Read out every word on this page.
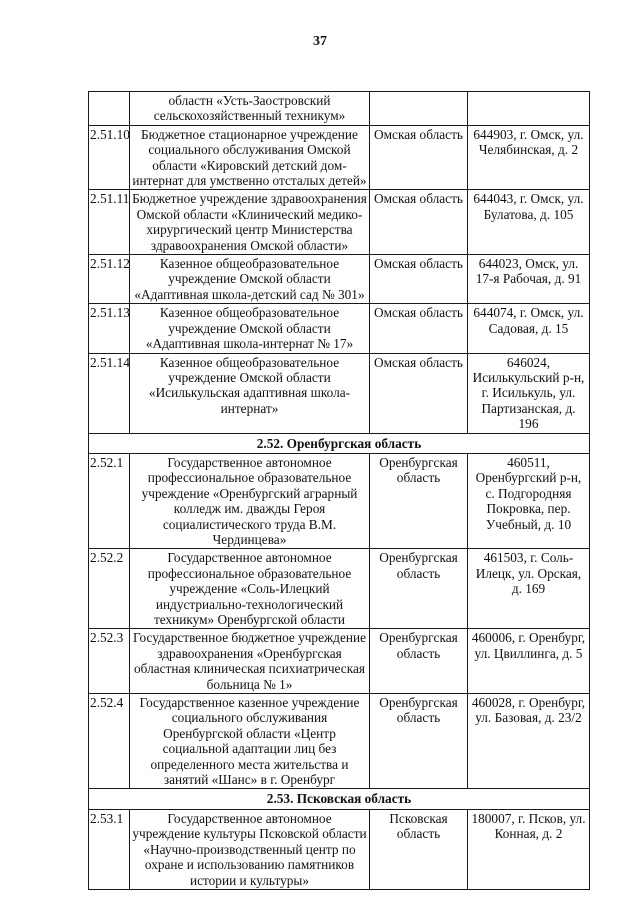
37
	областн «Усть-Заостровский сельскохозяйственный техникум»		
2.51.10	Бюджетное стационарное учреждение социального обслуживания Омской области «Кировский детский дом-интернат для умственно отсталых детей»	Омская область	644903, г. Омск, ул. Челябинская, д. 2
2.51.11	Бюджетное учреждение здравоохранения Омской области «Клинический медико-хирургический центр Министерства здравоохранения Омской области»	Омская область	644043, г. Омск, ул. Булатова, д. 105
2.51.12	Казенное общеобразовательное учреждение Омской области «Адаптивная школа-детский сад № 301»	Омская область	644023, Омск, ул. 17-я Рабочая, д. 91
2.51.13	Казенное общеобразовательное учреждение Омской области «Адаптивная школа-интернат № 17»	Омская область	644074, г. Омск, ул. Садовая, д. 15
2.51.14	Казенное общеобразовательное учреждение Омской области «Исилькульская адаптивная школа-интернат»	Омская область	646024, Исилькульский р-н, г. Исилькуль, ул. Партизанская, д. 196
2.52. Оренбургская область			
2.52.1	Государственное автономное профессиональное образовательное учреждение «Оренбургский аграрный колледж им. дважды Героя социалистического труда В.М. Чердинцева»	Оренбургская область	460511, Оренбургский р-н, с. Подгородняя Покровка, пер. Учебный, д. 10
2.52.2	Государственное автономное профессиональное образовательное учреждение «Соль-Илецкий индустриально-технологический техникум» Оренбургской области	Оренбургская область	461503, г. Соль-Илецк, ул. Орская, д. 169
2.52.3	Государственное бюджетное учреждение здравоохранения «Оренбургская областная клиническая психиатрическая больница № 1»	Оренбургская область	460006, г. Оренбург, ул. Цвиллинга, д. 5
2.52.4	Государственное казенное учреждение социального обслуживания Оренбургской области «Центр социальной адаптации лиц без определенного места жительства и занятий «Шанс» в г. Оренбург	Оренбургская область	460028, г. Оренбург, ул. Базовая, д. 23/2
2.53. Псковская область			
2.53.1	Государственное автономное учреждение культуры Псковской области «Научно-производственный центр по охране и использованию памятников истории и культуры»	Псковская область	180007, г. Псков, ул. Конная, д. 2
